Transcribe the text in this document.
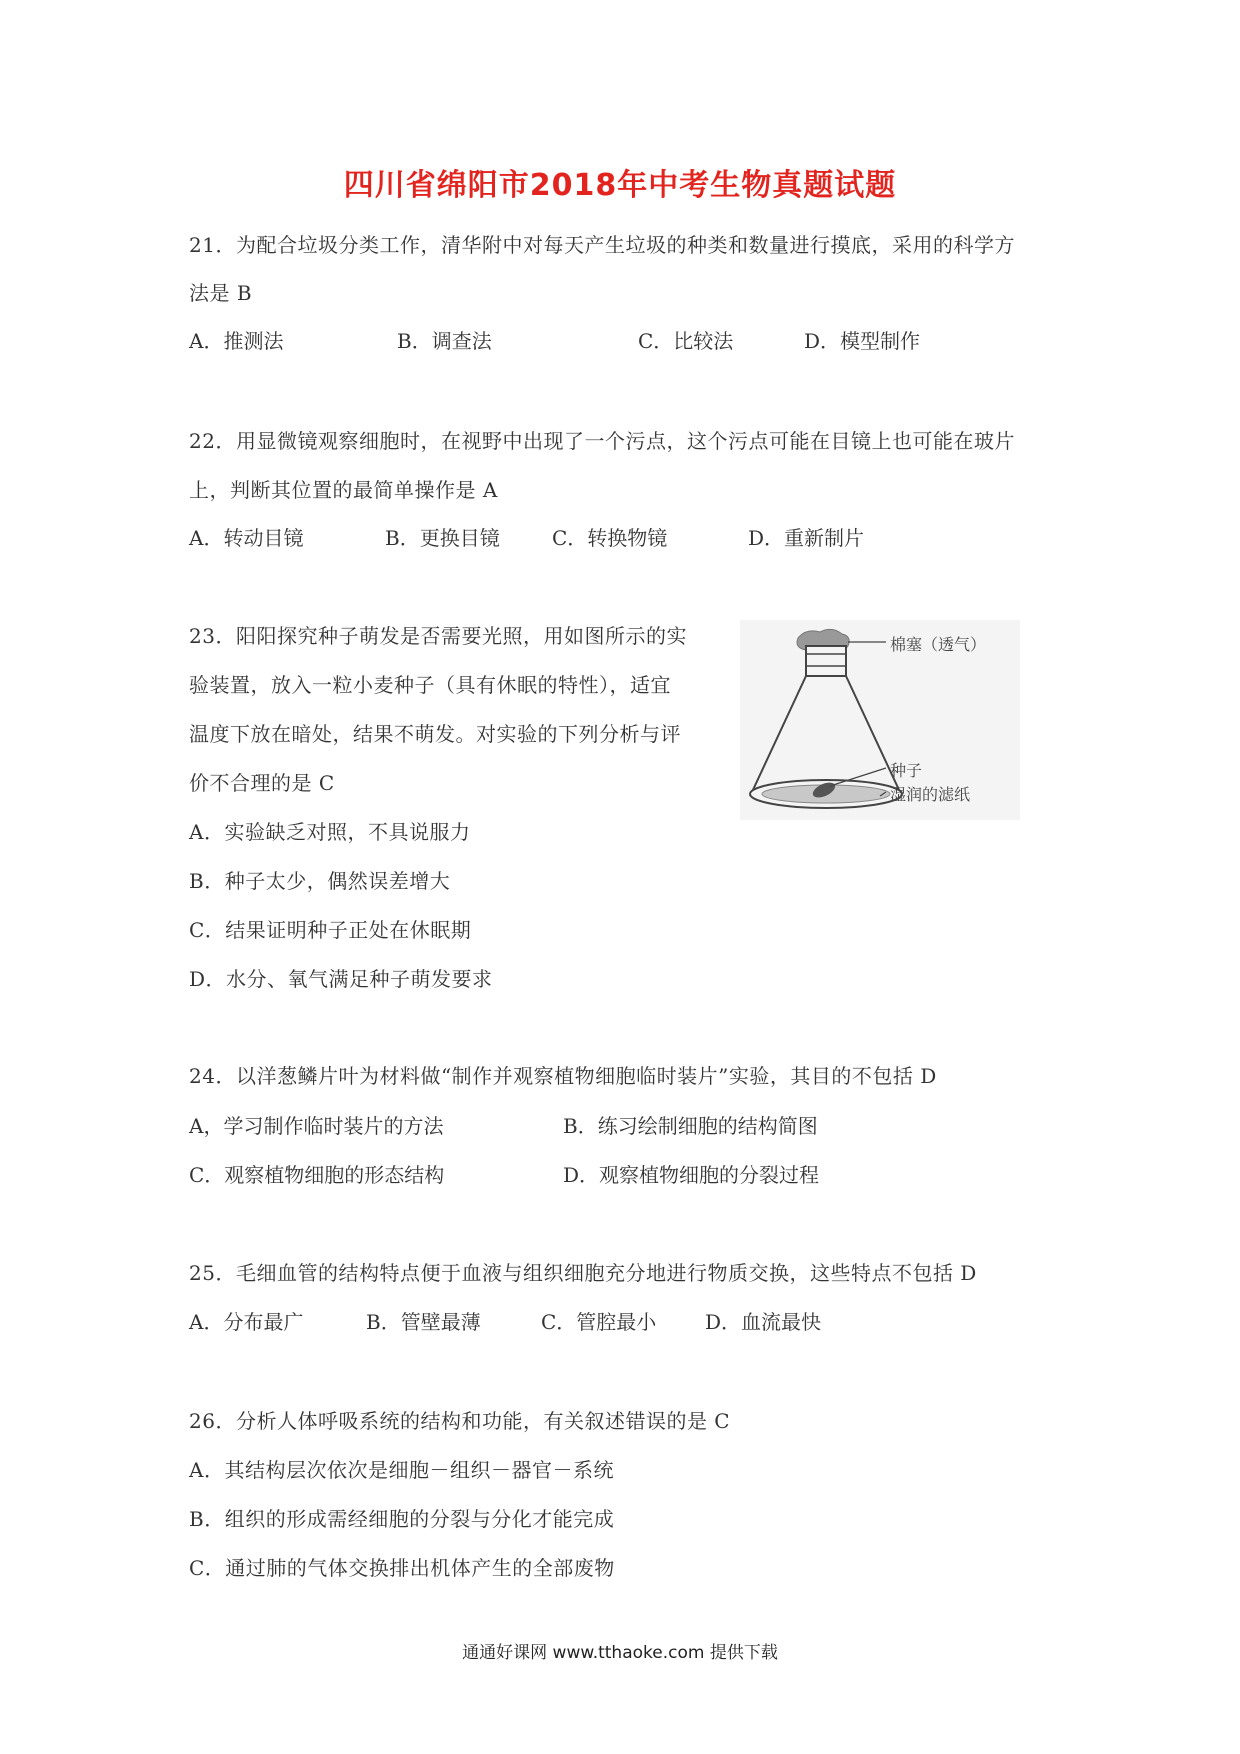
四川省绵阳市2018年中考生物真题试题
21．为配合垃圾分类工作，清华附中对每天产生垃圾的种类和数量进行摸底，采用的科学方
法是 B
A．推测法	B．调查法	C．比较法	D．模型制作
22．用显微镜观察细胞时，在视野中出现了一个污点，这个污点可能在目镜上也可能在玻片
上，判断其位置的最简单操作是 A
A．转动目镜	B．更换目镜	C．转换物镜	D．重新制片
23．阳阳探究种子萌发是否需要光照，用如图所示的实
验装置，放入一粒小麦种子（具有休眠的特性），适宜
温度下放在暗处，结果不萌发。对实验的下列分析与评
价不合理的是 C
A．实验缺乏对照，不具说服力
B．种子太少，偶然误差增大
C．结果证明种子正处在休眠期
D．水分、氧气满足种子萌发要求
棉塞（透气）
种子
湿润的滤纸
24．以洋葱鳞片叶为材料做“制作并观察植物细胞临时装片”实验，其目的不包括 D
A，学习制作临时装片的方法	B．练习绘制细胞的结构简图
C．观察植物细胞的形态结构	D．观察植物细胞的分裂过程
25．毛细血管的结构特点便于血液与组织细胞充分地进行物质交换，这些特点不包括 D
A．分布最广	B．管壁最薄	C．管腔最小 D．血流最快
26．分析人体呼吸系统的结构和功能，有关叙述错误的是 C
A．其结构层次依次是细胞－组织－器官－系统
B．组织的形成需经细胞的分裂与分化才能完成
C．通过肺的气体交换排出机体产生的全部废物
通通好课网 www.tthaoke.com 提供下载
